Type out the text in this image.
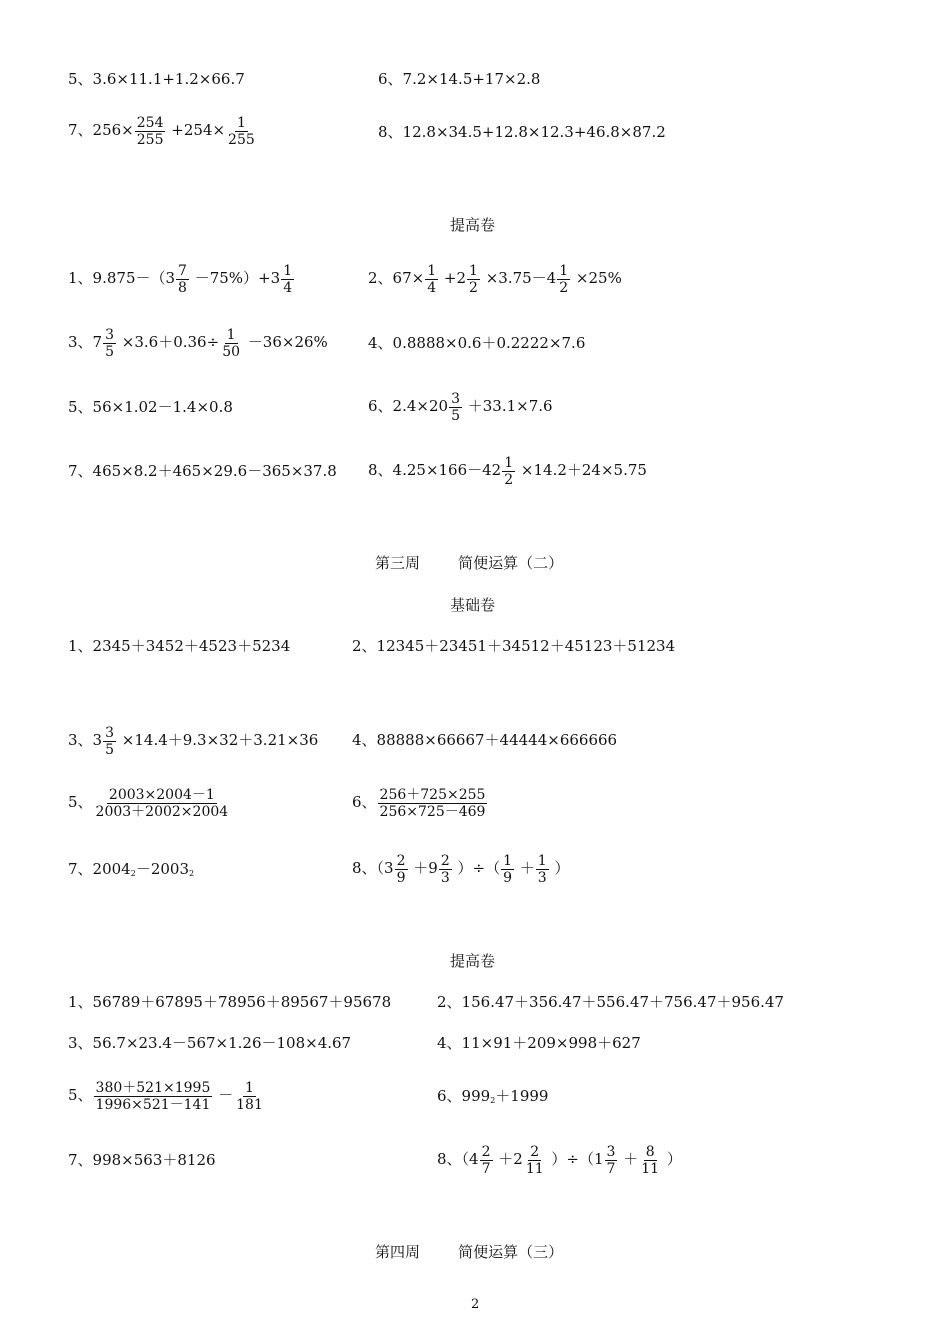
5、3.6×11.1+1.2×66.7	6、7.2×14.5+17×2.8
7、$256\times \frac{254}{255} +254\times \frac{1}{255}$	8、12.8×34.5+12.8×12.3+46.8×87.2
提高卷
1、$9.875-(3 \frac{7}{8} -75\%)+3 \frac{1}{4}$	2、$67\times \frac{1}{4} +2 \frac{1}{2} \times 3.75-4 \frac{1}{2} \times 25\%$
3、$7 \frac{3}{5} \times 3.6+0.36\div \frac{1}{50} -36\times 26\%$	4、0.8888×0.6＋0.2222×7.6
5、56×1.02－1.4×0.8	6、$2.4\times 20 \frac{3}{5} +33.1\times 7.6$
7、465×8.2＋465×29.6－365×37.8 8、$4.25\times 166-42 \frac{1}{2} \times 14.2+24\times 5.75$
第三周        简便运算（二）
基础卷
1、2345＋3452＋4523＋5234	2、12345＋23451＋34512＋45123＋51234
3、$3 \frac{3}{5} \times 14.4+9.3\times 32+3.21\times 36$ 4、88888×66667＋44444×666666
5、 $\frac{2003\times 2004-1}{2003+2002\times 2004}$	6、 $\frac{256+725\times 255}{256\times 725-469}$
7、$2004^2-2003^2$	8、（$3 \frac{2}{9} +9 \frac{2}{3}$ ）÷（ $\frac{1}{9} + \frac{1}{3}$ ）
提高卷
1、56789＋67895＋78956＋89567＋95678	2、156.47＋356.47＋556.47＋756.47＋956.47
3、56.7×23.4－567×1.26－108×4.67	4、11×91＋209×998＋627
5、 $\frac{380+521\times 1995}{1996\times 521-141} - \frac{1}{181}$	6、$999^2+1999$
7、998×563＋8126	8、$(4 \frac{2}{7} +2 \frac{2}{11} )\div(1 \frac{3}{7} + \frac{8}{11}$ ）
第四周        简便运算（三）
2
